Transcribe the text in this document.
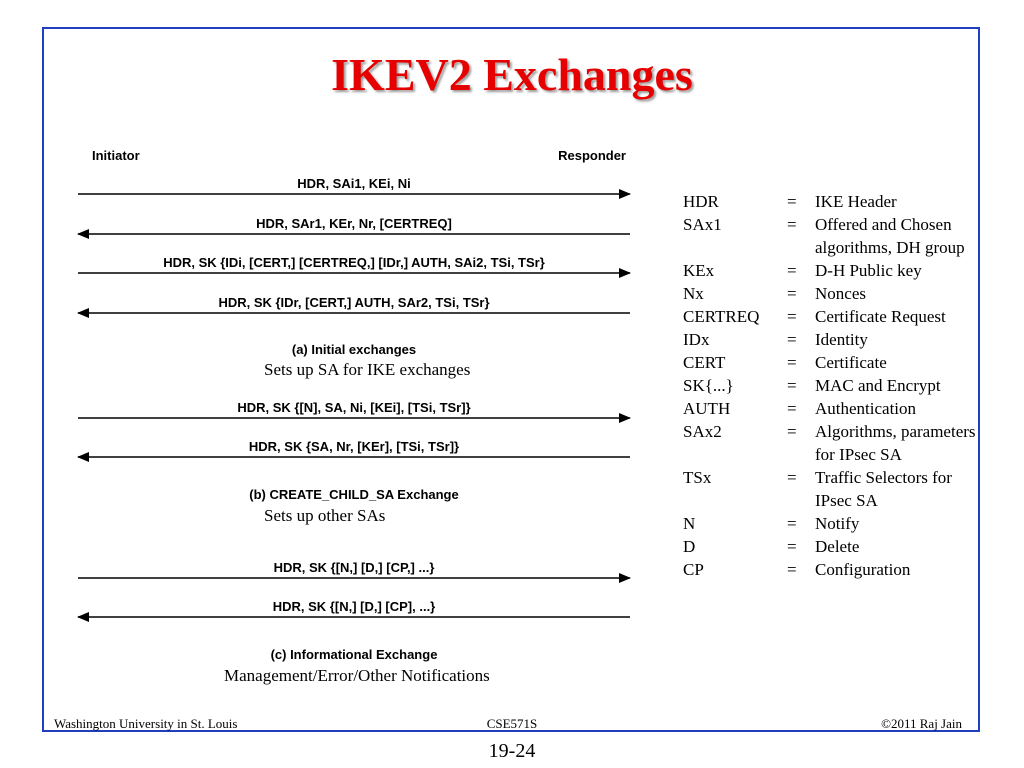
IKEV2 Exchanges
Initiator	Responder
HDR, SAi1, KEi, Ni
HDR, SAr1, KEr, Nr, [CERTREQ]
HDR, SK {IDi, [CERT,] [CERTREQ,] [IDr,] AUTH, SAi2, TSi, TSr}
HDR, SK {IDr, [CERT,] AUTH, SAr2, TSi, TSr}
(a) Initial exchanges
HDR, SK {[N], SA, Ni, [KEi], [TSi, TSr]}
HDR, SK {SA, Nr, [KEr], [TSi, TSr]}
(b) CREATE_CHILD_SA Exchange
HDR, SK {[N,] [D,] [CP,] ...}
HDR, SK {[N,] [D,] [CP], ...}
(c) Informational Exchange
Sets up SA for IKE exchanges
Sets up other SAs
Management/Error/Other Notifications
HDR	=	IKE Header
SAx1	=	Offered and Chosen algorithms, DH group
KEx	=	D-H Public key
Nx	=	Nonces
CERTREQ	=	Certificate Request
IDx	=	Identity
CERT	=	Certificate
SK{...}	=	MAC and Encrypt
AUTH	=	Authentication
SAx2	=	Algorithms, parameters for IPsec SA
TSx	=	Traffic Selectors for IPsec SA
N	=	Notify
D	=	Delete
CP	=	Configuration
Washington University in St. Louis	CSE571S	©2011 Raj Jain
19-24
